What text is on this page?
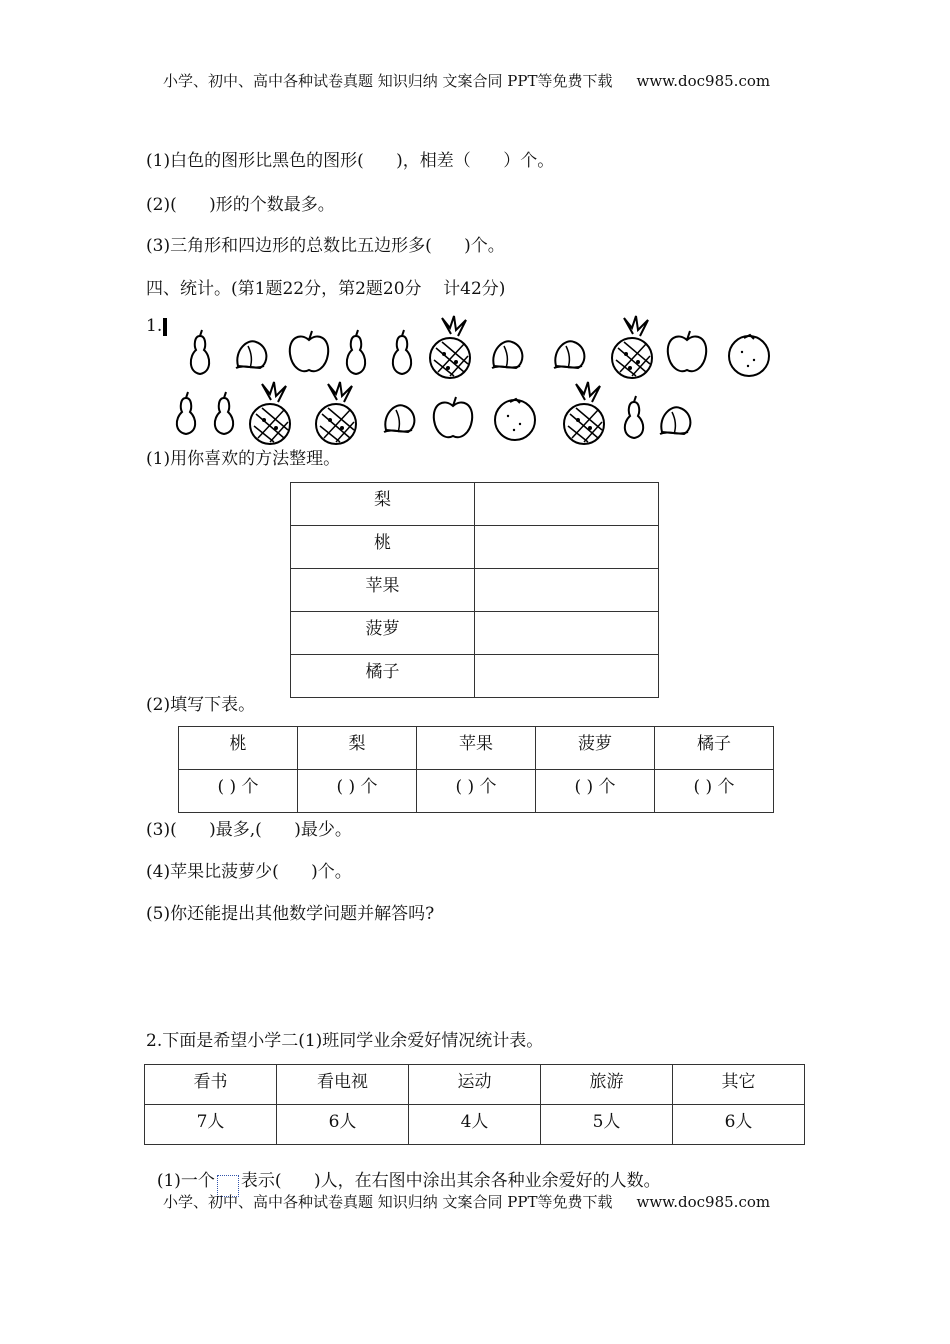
小学、初中、高中各种试卷真题 知识归纳 文案合同 PPT等免费下载 www.doc985.com
(1)白色的图形比黑色的图形(      )，相差（      ）个。
(2)(      )形的个数最多。
(3)三角形和四边形的总数比五边形多(      )个。
四、统计。(第1题22分，第2题20分    计42分)
1.
(1)用你喜欢的方法整理。
梨	
桃	
苹果	
菠萝	
橘子	
(2)填写下表。
桃	梨	苹果	菠萝	橘子
( ) 个	( ) 个	( ) 个	( ) 个	( ) 个
(3)(      )最多,(      )最少。
(4)苹果比菠萝少(      )个。
(5)你还能提出其他数学问题并解答吗?
2.下面是希望小学二(1)班同学业余爱好情况统计表。
看书	看电视	运动	旅游	其它
7人	6人	4人	5人	6人

(1)一个 表示(      )人，在右图中涂出其余各种业余爱好的人数。

小学、初中、高中各种试卷真题 知识归纳 文案合同 PPT等免费下载 www.doc985.com
